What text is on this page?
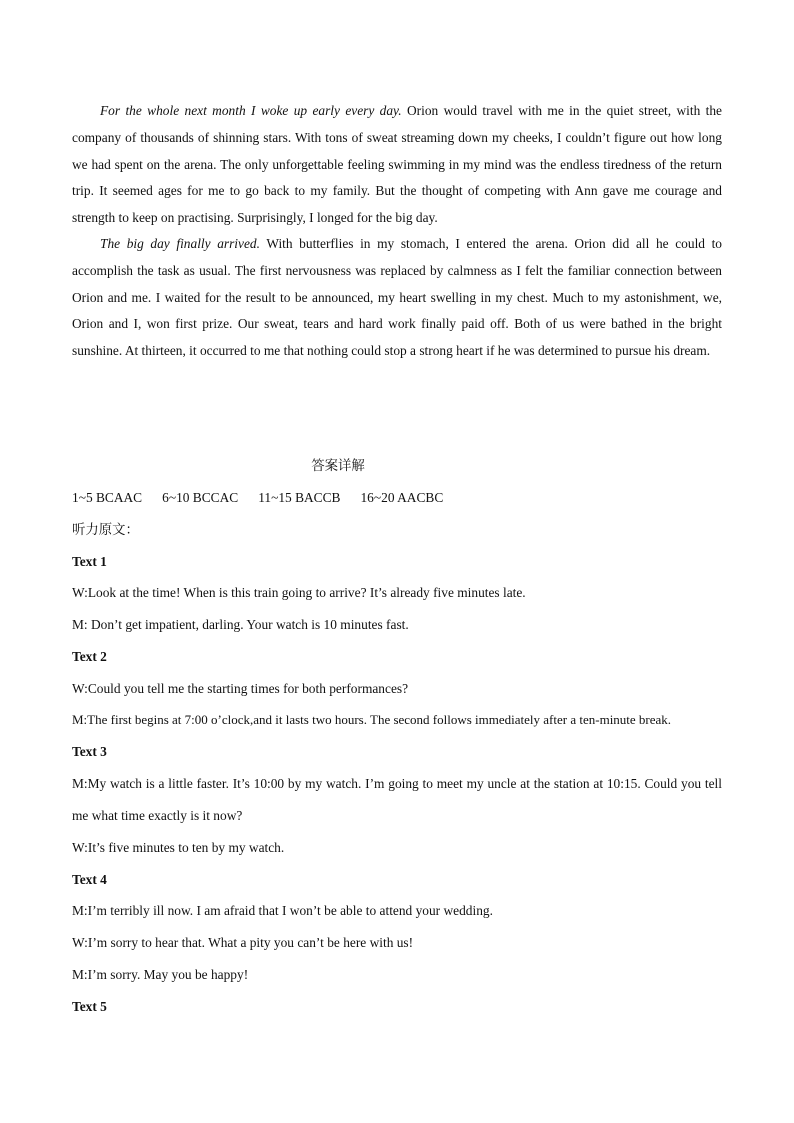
For the whole next month I woke up early every day. Orion would travel with me in the quiet street, with the company of thousands of shinning stars. With tons of sweat streaming down my cheeks, I couldn’t figure out how long we had spent on the arena. The only unforgettable feeling swimming in my mind was the endless tiredness of the return trip. It seemed ages for me to go back to my family. But the thought of competing with Ann gave me courage and strength to keep on practising. Surprisingly, I longed for the big day.

The big day finally arrived. With butterflies in my stomach, I entered the arena. Orion did all he could to accomplish the task as usual. The first nervousness was replaced by calmness as I felt the familiar connection between Orion and me. I waited for the result to be announced, my heart swelling in my chest. Much to my astonishment, we, Orion and I, won first prize. Our sweat, tears and hard work finally paid off. Both of us were bathed in the bright sunshine. At thirteen, it occurred to me that nothing could stop a strong heart if he was determined to pursue his dream.

答案详解

1~5 BCAAC 6~10 BCCAC 11~15 BACCB 16~20 AACBC

听力原文：

Text 1

W:Look at the time! When is this train going to arrive? It’s already five minutes late.

M: Don’t get impatient, darling. Your watch is 10 minutes fast.

Text 2

W:Could you tell me the starting times for both performances?

M:The first begins at 7:00 o’clock,and it lasts two hours. The second follows immediately after a ten-minute break.

Text 3

M:My watch is a little faster. It’s 10:00 by my watch. I’m going to meet my uncle at the station at 10:15. Could you tell me what time exactly is it now?

W:It’s five minutes to ten by my watch.

Text 4

M:I’m terribly ill now. I am afraid that I won’t be able to attend your wedding.

W:I’m sorry to hear that. What a pity you can’t be here with us!

M:I’m sorry. May you be happy!

Text 5
